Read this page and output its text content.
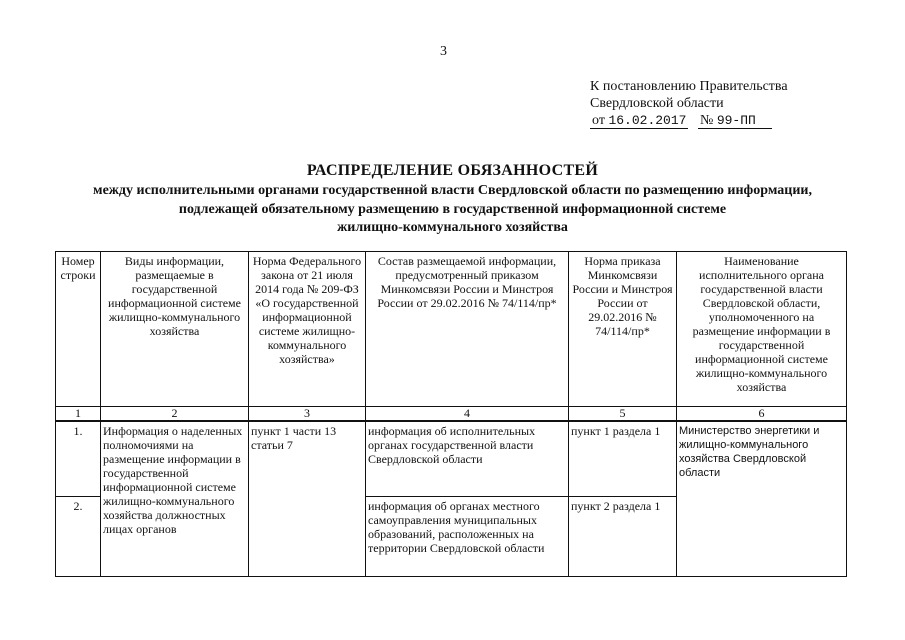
3
К постановлению Правительства
Свердловской области
от 16.02.2017 № 99-ПП
РАСПРЕДЕЛЕНИЕ ОБЯЗАННОСТЕЙ
между исполнительными органами государственной власти Свердловской области по размещению информации,
подлежащей обязательному размещению в государственной информационной системе
жилищно-коммунального хозяйства
Номер строки	Виды информации, размещаемые в государственной информационной системе жилищно-коммунального хозяйства	Норма Федерального закона от 21 июля 2014 года № 209-ФЗ «О государственной информационной системе жилищно-коммунального хозяйства»	Состав размещаемой информации, предусмотренный приказом Минкомсвязи России и Минстроя России от 29.02.2016 № 74/114/пр*	Норма приказа Минкомсвязи России и Минстроя России от 29.02.2016 № 74/114/пр*	Наименование исполнительного органа государственной власти Свердловской области, уполномоченного на размещение информации в государственной информационной системе жилищно-коммунального хозяйства
1	2	3	4	5	6
1.	Информация о наделенных полномочиями на размещение информации в государственной информационной системе жилищно-коммунального хозяйства должностных лицах органов	пункт 1 части 13 статьи 7	информация об исполнительных органах государственной власти Свердловской области	пункт 1 раздела 1	Министерство энергетики и жилищно-коммунального хозяйства Свердловской области
2.			информация об органах местного самоуправления муниципальных образований, расположенных на территории Свердловской области	пункт 2 раздела 1	
